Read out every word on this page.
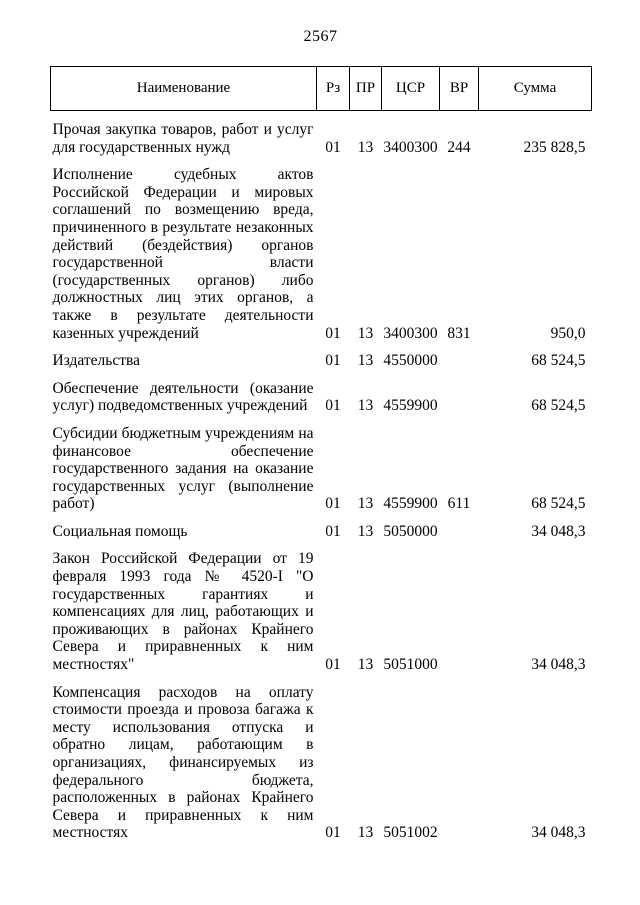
2567
Наименование	Рз	ПР	ЦСР	ВР	Сумма
Прочая закупка товаров, работ и услуг для государственных нужд	01	13	3400300	244	235 828,5
Исполнение судебных актов Российской Федерации и мировых соглашений по возмещению вреда, причиненного в результате незаконных действий (бездействия) органов государственной власти (государственных органов) либо должностных лиц этих органов, а также в результате деятельности казенных учреждений	01	13	3400300	831	950,0
Издательства	01	13	4550000		68 524,5
Обеспечение деятельности (оказание услуг) подведомственных учреждений	01	13	4559900		68 524,5
Субсидии бюджетным учреждениям на финансовое обеспечение государственного задания на оказание государственных услуг (выполнение работ)	01	13	4559900	611	68 524,5
Социальная помощь	01	13	5050000		34 048,3
Закон Российской Федерации от 19 февраля 1993 года № 4520-I "О государственных гарантиях и компенсациях для лиц, работающих и проживающих в районах Крайнего Севера и приравненных к ним местностях"	01	13	5051000		34 048,3
Компенсация расходов на оплату стоимости проезда и провоза багажа к месту использования отпуска и обратно лицам, работающим в организациях, финансируемых из федерального бюджета, расположенных в районах Крайнего Севера и приравненных к ним местностях	01	13	5051002		34 048,3
